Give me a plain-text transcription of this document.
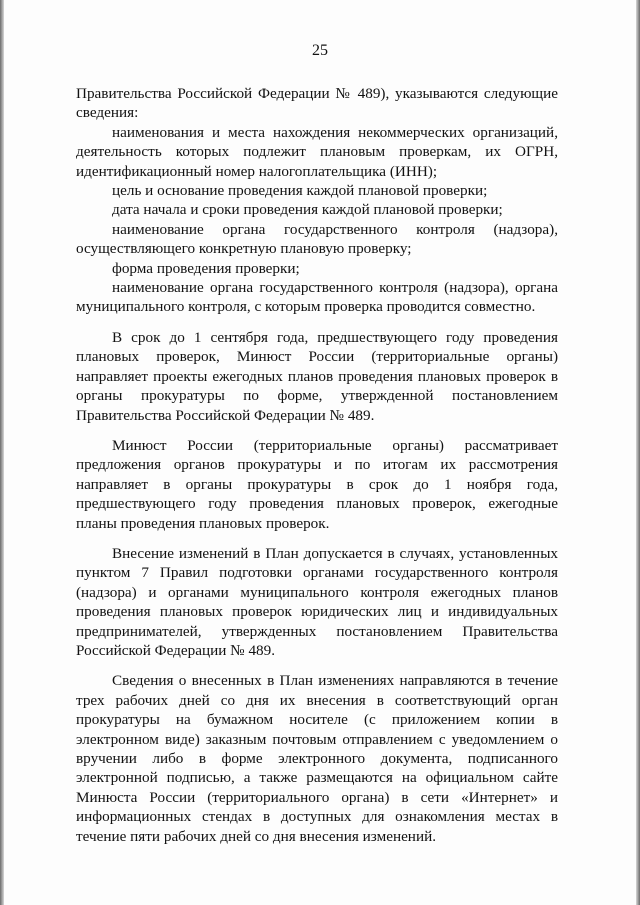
25

Правительства Российской Федерации № 489), указываются следующие сведения:

наименования и места нахождения некоммерческих организаций, деятельность которых подлежит плановым проверкам, их ОГРН, идентификационный номер налогоплательщика (ИНН);

цель и основание проведения каждой плановой проверки;

дата начала и сроки проведения каждой плановой проверки;

наименование органа государственного контроля (надзора), осуществляющего конкретную плановую проверку;

форма проведения проверки;

наименование органа государственного контроля (надзора), органа муниципального контроля, с которым проверка проводится совместно.

В срок до 1 сентября года, предшествующего году проведения плановых проверок, Минюст России (территориальные органы) направляет проекты ежегодных планов проведения плановых проверок в органы прокуратуры по форме, утвержденной постановлением Правительства Российской Федерации № 489.

Минюст России (территориальные органы) рассматривает предложения органов прокуратуры и по итогам их рассмотрения направляет в органы прокуратуры в срок до 1 ноября года, предшествующего году проведения плановых проверок, ежегодные планы проведения плановых проверок.

Внесение изменений в План допускается в случаях, установленных пунктом 7 Правил подготовки органами государственного контроля (надзора) и органами муниципального контроля ежегодных планов проведения плановых проверок юридических лиц и индивидуальных предпринимателей, утвержденных постановлением Правительства Российской Федерации № 489.

Сведения о внесенных в План изменениях направляются в течение трех рабочих дней со дня их внесения в соответствующий орган прокуратуры на бумажном носителе (с приложением копии в электронном виде) заказным почтовым отправлением с уведомлением о вручении либо в форме электронного документа, подписанного электронной подписью, а также размещаются на официальном сайте Минюста России (территориального органа) в сети «Интернет» и информационных стендах в доступных для ознакомления местах в течение пяти рабочих дней со дня внесения изменений.
